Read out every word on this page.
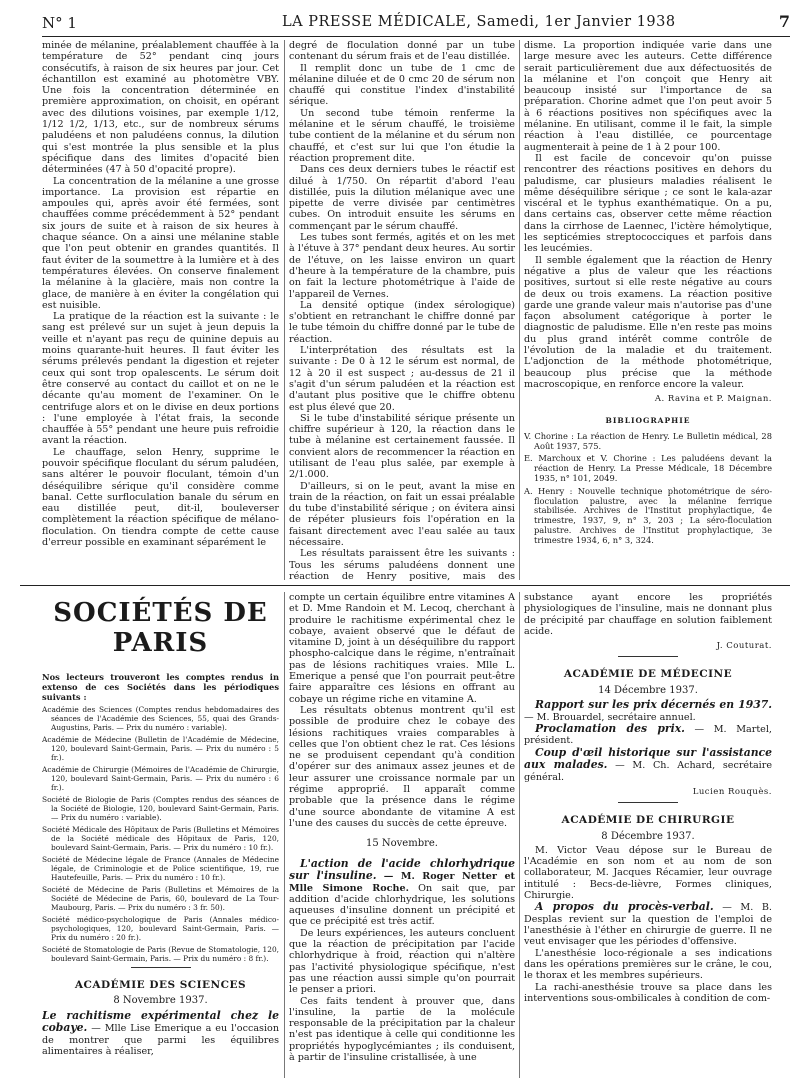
N° 1	LA PRESSE MÉDICALE, Samedi, 1er Janvier 1938	7

minée de mélanine, préalablement chauffée à la température de 52° pendant cinq jours consécutifs, à raison de six heures par jour. Cet échantillon est examiné au photomètre VBY. Une fois la concentration déterminée en première approximation, on choisit, en opérant avec des dilutions voisines, par exemple 1/12, 1/12 1/2, 1/13, etc., sur de nombreux sérums paludéens et non paludéens connus, la dilution qui s'est montrée la plus sensible et la plus spécifique dans des limites d'opacité bien déterminées (47 à 50 d'opacité propre).

La concentration de la mélanine a une grosse importance. La provision est répartie en ampoules qui, après avoir été fermées, sont chauffées comme précédemment à 52° pendant six jours de suite et à raison de six heures à chaque séance. On a ainsi une mélanine stable que l'on peut obtenir en grandes quantités. Il faut éviter de la soumettre à la lumière et à des températures élevées. On conserve finalement la mélanine à la glacière, mais non contre la glace, de manière à en éviter la congélation qui est nuisible.

La pratique de la réaction est la suivante : le sang est prélevé sur un sujet à jeun depuis la veille et n'ayant pas reçu de quinine depuis au moins quarante-huit heures. Il faut éviter les sérums prélevés pendant la digestion et rejeter ceux qui sont trop opalescents. Le sérum doit être conservé au contact du caillot et on ne le décante qu'au moment de l'examiner. On le centrifuge alors et on le divise en deux portions : l'une employée à l'état frais, la seconde chauffée à 55° pendant une heure puis refroidie avant la réaction.

Le chauffage, selon Henry, supprime le pouvoir spécifique floculant du sérum paludéen, sans altérer le pouvoir floculant, témoin d'un déséquilibre sérique qu'il considère comme banal. Cette surfloculation banale du sérum en eau distillée peut, dit-il, bouleverser complètement la réaction spécifique de mélano-floculation. On tiendra compte de cette cause d'erreur possible en examinant séparément le

degré de floculation donné par un tube contenant du sérum frais et de l'eau distillée.

Il remplit donc un tube de 1 cmc de mélanine diluée et de 0 cmc 20 de sérum non chauffé qui constitue l'index d'instabilité sérique.

Un second tube témoin renferme la mélanine et le sérum chauffé, le troisième tube contient de la mélanine et du sérum non chauffé, et c'est sur lui que l'on étudie la réaction proprement dite.

Dans ces deux derniers tubes le réactif est dilué à 1/750. On répartit d'abord l'eau distillée, puis la dilution mélanique avec une pipette de verre divisée par centimètres cubes. On introduit ensuite les sérums en commençant par le sérum chauffé.

Les tubes sont fermés, agités et on les met à l'étuve à 37° pendant deux heures. Au sortir de l'étuve, on les laisse environ un quart d'heure à la température de la chambre, puis on fait la lecture photométrique à l'aide de l'appareil de Vernes.

La densité optique (index sérologique) s'obtient en retranchant le chiffre donné par le tube témoin du chiffre donné par le tube de réaction.

L'interprétation des résultats est la suivante : De 0 à 12 le sérum est normal, de 12 à 20 il est suspect ; au-dessus de 21 il s'agit d'un sérum paludéen et la réaction est d'autant plus positive que le chiffre obtenu est plus élevé que 20.

Si le tube d'instabilité sérique présente un chiffre supérieur à 120, la réaction dans le tube à mélanine est certainement faussée. Il convient alors de recommencer la réaction en utilisant de l'eau plus salée, par exemple à 2/1.000.

D'ailleurs, si on le peut, avant la mise en train de la réaction, on fait un essai préalable du tube d'instabilité sérique ; on évitera ainsi de répéter plusieurs fois l'opération en la faisant directement avec l'eau salée au taux nécessaire.

Les résultats paraissent être les suivants : Tous les sérums paludéens donnent une réaction de Henry positive, mais des

disme. La proportion indiquée varie dans une large mesure avec les auteurs. Cette différence serait particulièrement due aux défectuosités de la mélanine et l'on conçoit que Henry ait beaucoup insisté sur l'importance de sa préparation. Chorine admet que l'on peut avoir 5 à 6 réactions positives non spécifiques avec la mélanine. En utilisant, comme il le fait, la simple réaction à l'eau distillée, ce pourcentage augmenterait à peine de 1 à 2 pour 100.

Il est facile de concevoir qu'on puisse rencontrer des réactions positives en dehors du paludisme, car plusieurs maladies réalisent le même déséquilibre sérique ; ce sont le kala-azar viscéral et le typhus exanthématique. On a pu, dans certains cas, observer cette même réaction dans la cirrhose de Laennec, l'ictère hémolytique, les septicémies streptococciques et parfois dans les leucémies.

Il semble également que la réaction de Henry négative a plus de valeur que les réactions positives, surtout si elle reste négative au cours de deux ou trois examens. La réaction positive garde une grande valeur mais n'autorise pas d'une façon absolument catégorique à porter le diagnostic de paludisme. Elle n'en reste pas moins du plus grand intérêt comme contrôle de l'évolution de la maladie et du traitement. L'adjonction de la méthode photométrique, beaucoup plus précise que la méthode macroscopique, en renforce encore la valeur.

A. Ravina et P. Maignan.

BIBLIOGRAPHIE

V. Chorine : La réaction de Henry. Le Bulletin médical, 28 Août 1937, 575.

E. Marchoux et V. Chorine : Les paludéens devant la réaction de Henry. La Presse Médicale, 18 Décembre 1935, n° 101, 2049.

A. Henry : Nouvelle technique photométrique de séro-floculation palustre, avec la mélanine ferrique stabilisée. Archives de l'Institut prophylactique, 4e trimestre, 1937, 9, n° 3, 203 ; La séro-floculation palustre. Archives de l'Institut prophylactique, 3e trimestre 1934, 6, n° 3, 324.

SOCIÉTÉS DE PARIS

Nos lecteurs trouveront les comptes rendus in extenso de ces Sociétés dans les périodiques suivants :

Académie des Sciences (Comptes rendus hebdomadaires des séances de l'Académie des Sciences, 55, quai des Grands-Augustins, Paris. — Prix du numéro : variable).

Académie de Médecine (Bulletin de l'Académie de Médecine, 120, boulevard Saint-Germain, Paris. — Prix du numéro : 5 fr.).

Académie de Chirurgie (Mémoires de l'Académie de Chirurgie, 120, boulevard Saint-Germain, Paris. — Prix du numéro : 6 fr.).

Société de Biologie de Paris (Comptes rendus des séances de la Société de Biologie, 120, boulevard Saint-Germain, Paris. — Prix du numéro : variable).

Société Médicale des Hôpitaux de Paris (Bulletins et Mémoires de la Société médicale des Hôpitaux de Paris, 120, boulevard Saint-Germain, Paris. — Prix du numéro : 10 fr.).

Société de Médecine légale de France (Annales de Médecine légale, de Criminologie et de Police scientifique, 19, rue Hautefeuille, Paris. — Prix du numéro : 10 fr.).

Société de Médecine de Paris (Bulletins et Mémoires de la Société de Médecine de Paris, 60, boulevard de La Tour-Maubourg, Paris. — Prix du numéro : 3 fr. 50).

Société médico-psychologique de Paris (Annales médico-psychologiques, 120, boulevard Saint-Germain, Paris. — Prix du numéro : 20 fr.).

Société de Stomatologie de Paris (Revue de Stomatologie, 120, boulevard Saint-Germain, Paris. — Prix du numéro : 8 fr.).

ACADÉMIE DES SCIENCES
8 Novembre 1937.

Le rachitisme expérimental chez le cobaye. — Mlle Lise Emerique a eu l'occasion de montrer que parmi les équilibres alimentaires à réaliser,

compte un certain équilibre entre vitamines A et D. Mme Randoin et M. Lecoq, cherchant à produire le rachitisme expérimental chez le cobaye, avaient observé que le défaut de vitamine D, joint à un déséquilibre du rapport phospho-calcique dans le régime, n'entraînait pas de lésions rachitiques vraies. Mlle L. Emerique a pensé que l'on pourrait peut-être faire apparaître ces lésions en offrant au cobaye un régime riche en vitamine A.

Les résultats obtenus montrent qu'il est possible de produire chez le cobaye des lésions rachitiques vraies comparables à celles que l'on obtient chez le rat. Ces lésions ne se produisent cependant qu'à condition d'opérer sur des animaux assez jeunes et de leur assurer une croissance normale par un régime approprié. Il apparaît comme probable que la présence dans le régime d'une source abondante de vitamine A est l'une des causes du succès de cette épreuve.

15 Novembre.

L'action de l'acide chlorhydrique sur l'insuline. — M. Roger Netter et Mlle Simone Roche. On sait que, par addition d'acide chlorhydrique, les solutions aqueuses d'insuline donnent un précipité et que ce précipité est très actif.

De leurs expériences, les auteurs concluent que la réaction de précipitation par l'acide chlorhydrique à froid, réaction qui n'altère pas l'activité physiologique spécifique, n'est pas une réaction aussi simple qu'on pourrait le penser a priori.

Ces faits tendent à prouver que, dans l'insuline, la partie de la molécule responsable de la précipitation par la chaleur n'est pas identique à celle qui conditionne les propriétés hypoglycémiantes ; ils conduisent, à partir de l'insuline cristallisée, à une

substance ayant encore les propriétés physiologiques de l'insuline, mais ne donnant plus de précipité par chauffage en solution faiblement acide.

J. Couturat.

ACADÉMIE DE MÉDECINE
14 Décembre 1937.

Rapport sur les prix décernés en 1937. — M. Brouardel, secrétaire annuel.

Proclamation des prix. — M. Martel, président.

Coup d'œil historique sur l'assistance aux malades. — M. Ch. Achard, secrétaire général.

Lucien Rouquès.

ACADÉMIE DE CHIRURGIE
8 Décembre 1937.

M. Victor Veau dépose sur le Bureau de l'Académie en son nom et au nom de son collaborateur, M. Jacques Récamier, leur ouvrage intitulé : Becs-de-lièvre, Formes cliniques, Chirurgie.

A propos du procès-verbal. — M. B. Desplas revient sur la question de l'emploi de l'anesthésie à l'éther en chirurgie de guerre. Il ne veut envisager que les périodes d'offensive.

L'anesthésie loco-régionale a ses indications dans les opérations premières sur le crâne, le cou, le thorax et les membres supérieurs.

La rachi-anesthésie trouve sa place dans les interventions sous-ombilicales à condition de com-
